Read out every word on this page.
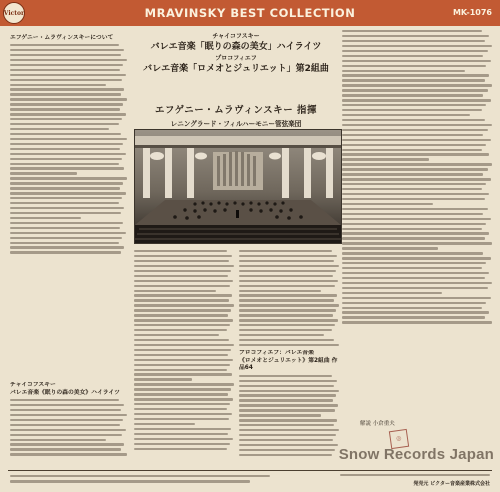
Victor	MRAVINSKY BEST COLLECTION	MK-1076
エフゲニー・ムラヴィンスキーについて
チャイコフスキー
バレエ音楽《眠りの森の美女》ハイライツ
チャイコフスキー
バレエ音楽「眠りの森の美女」ハイライツ
プロコフィエフ
バレエ音楽「ロメオとジュリエット」第2組曲
エフゲニー・ムラヴィンスキー 指揮
レニングラード・フィルハーモニー管弦楽団
プロコフィエフ：バレエ音楽
《ロメオとジュリエット》第2組曲 作品64
解説 小倉重夫
◎
Snow Records Japan
発売元 ビクター音楽産業株式会社
